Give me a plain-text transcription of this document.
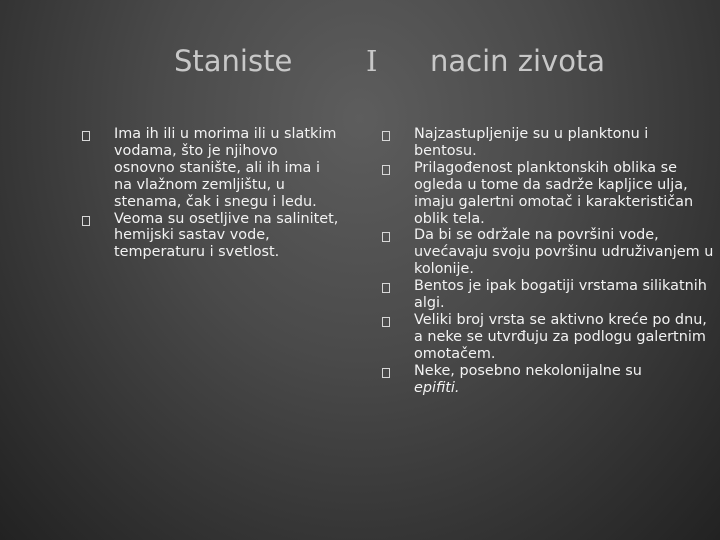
Staniste	I nacin zivota
Ima ih ili u morima ili u slatkim vodama, što je njihovo osnovno stanište, ali ih ima i na vlažnom zemljištu, u stenama, čak i snegu i ledu.
Veoma su osetljive na salinitet, hemijski sastav vode, temperaturu i svetlost.
Najzastupljenije su u planktonu i bentosu.
Prilagođenost planktonskih oblika se ogleda u tome da sadrže kapljice ulja, imaju galertni omotač i karakterističan oblik tela.
Da bi se održale na površini vode, uvećavaju svoju površinu udruživanjem u kolonije.
Bentos je ipak bogatiji vrstama silikatnih algi.
Veliki broj vrsta se aktivno kreće po dnu, a neke se utvrđuju za podlogu galertnim omotačem.
Neke, posebno nekolonijalne su
epifiti.
